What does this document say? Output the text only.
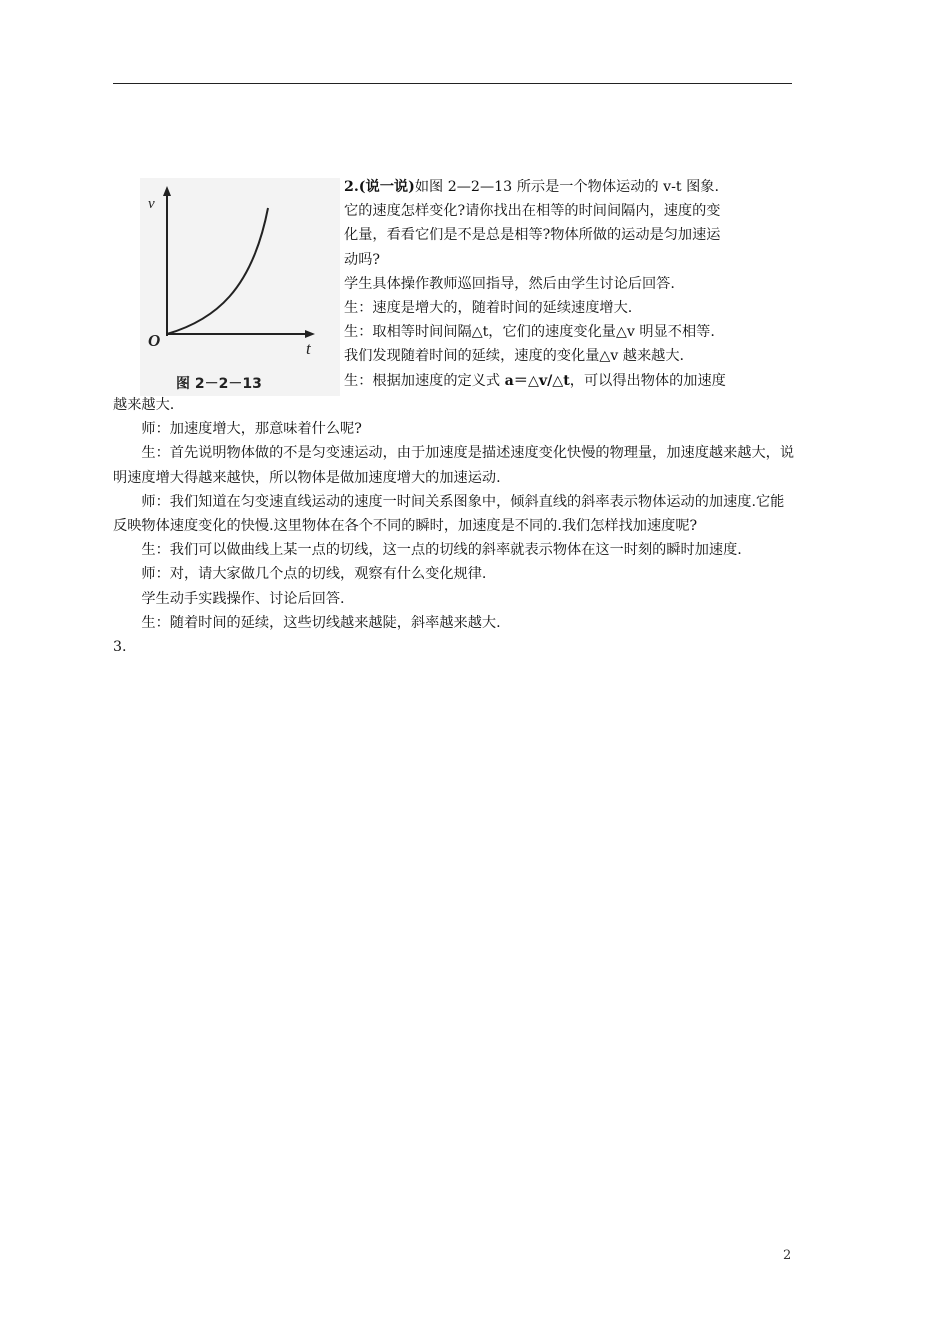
v
t
O
图 2－2－13

2.(说一说)如图 2—2—13 所示是一个物体运动的 v-t 图象.

它的速度怎样变化?请你找出在相等的时间间隔内，速度的变

化量，看看它们是不是总是相等?物体所做的运动是匀加速运

动吗?

学生具体操作教师巡回指导，然后由学生讨论后回答.

生：速度是增大的，随着时间的延续速度增大.

生：取相等时间间隔△t，它们的速度变化量△v 明显不相等.

我们发现随着时间的延续，速度的变化量△v 越来越大.

生：根据加速度的定义式 a＝△v/△t，可以得出物体的加速度

越来越大.

师：加速度增大，那意味着什么呢?

生：首先说明物体做的不是匀变速运动，由于加速度是描述速度变化快慢的物理量，加速度越来越大，说明速度增大得越来越快，所以物体是做加速度增大的加速运动.

师：我们知道在匀变速直线运动的速度一时间关系图象中，倾斜直线的斜率表示物体运动的加速度.它能反映物体速度变化的快慢.这里物体在各个不同的瞬时，加速度是不同的.我们怎样找加速度呢?

生：我们可以做曲线上某一点的切线，这一点的切线的斜率就表示物体在这一时刻的瞬时加速度.

师：对，请大家做几个点的切线，观察有什么变化规律.

学生动手实践操作、讨论后回答.

生：随着时间的延续，这些切线越来越陡，斜率越来越大.

3.

2
